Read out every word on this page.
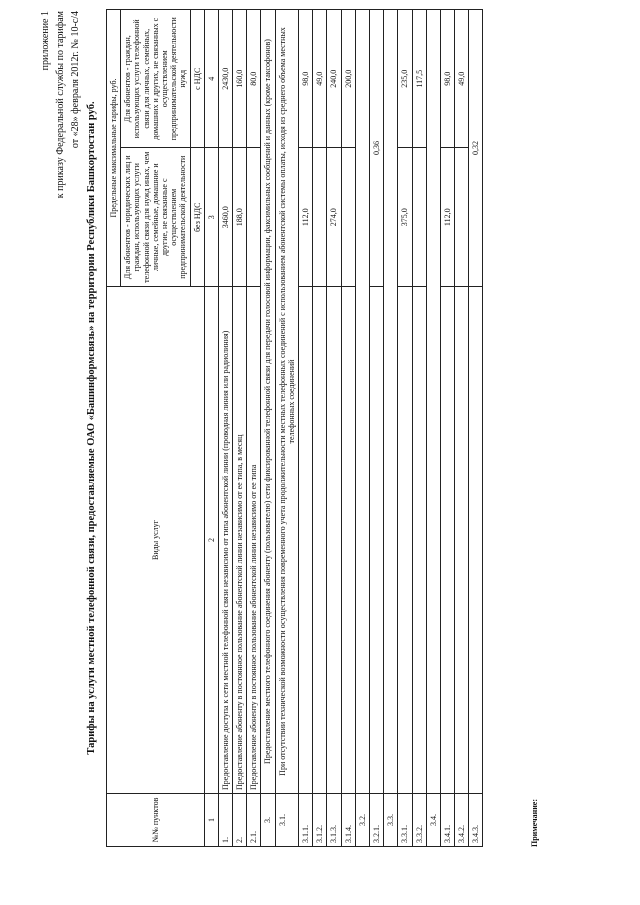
приложение 1 к приказу Федеральной службы по тарифам от «28» февраля 2012г. № 10-с/4
Тарифы на услуги местной телефонной связи, предоставляемые ОАО «Башинформсвязь» на территории Республики Башкортостан руб.
№№ пунктов	Виды услуг	Предельные максимальные тарифы, руб.	
		Для абонентов - юридических лиц и граждан, использующих услуги телефонной связи для нужд иных, чем личные, семейные, домашние и другие, не связанные с осуществлением предпринимательской деятельности	Для абонентов - граждан, использующих услуги телефонной связи для личных, семейных, домашних и других, не связанных с осуществлением предпринимательской деятельности нужд
		без НДС	с НДС
1	2	3	4
1.	Предоставление доступа к сети местной телефонной связи независимо от типа абонентской линии (проводная линия или радиолиния)	3460,0	2430,0
2.	Предоставление абоненту в постоянное пользование абонентской линии независимо от ее типа, в месяц	188,0	160,0
2.1.	Предоставление абоненту в постоянное пользование абонентской линии независимо от ее типа		80,0
3.	Предоставление местного телефонного соединения абоненту (пользователю) сети фиксированной телефонной связи для передачи голосовой информации, факсимильных сообщений и данных (кроме таксофонов)		
3.1.	При отсутствии технической возможности осуществления повременного учета продолжительности местных телефонных соединений с использованием абонентской системы оплаты, исходя из среднего объема местных телефонных соединений		
3.1.1.		112,0	98,0
3.1.2.			49,0
3.1.3.		274,0	240,0
3.1.4.			200,0
3.2.			
3.2.1.		0,36	
3.3.			
3.3.1.		375,0	235,0
3.3.2.			117,5
3.4.			
3.4.1.		112,0	98,0
3.4.2.			49,0
3.4.3.		0,32	
Примечание:
